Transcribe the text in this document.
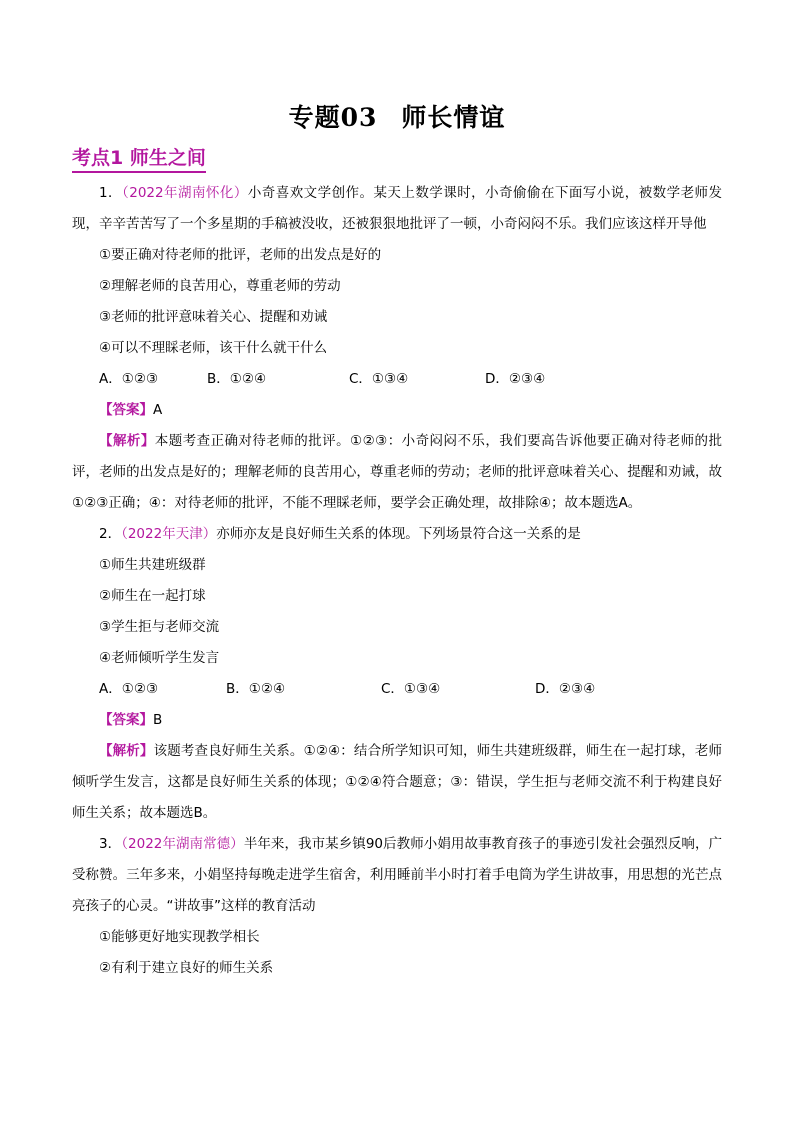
专题03 师长情谊
考点1 师生之间

1．（2022年湖南怀化）小奇喜欢文学创作。某天上数学课时，小奇偷偷在下面写小说，被数学老师发现，辛辛苦苦写了一个多星期的手稿被没收，还被狠狠地批评了一顿，小奇闷闷不乐。我们应该这样开导他

①要正确对待老师的批评，老师的出发点是好的

②理解老师的良苦用心，尊重老师的劳动

③老师的批评意味着关心、提醒和劝诫

④可以不理睬老师，该干什么就干什么

A．①②③	B．①②④	C．①③④	D．②③④

【答案】A

【解析】本题考查正确对待老师的批评。①②③：小奇闷闷不乐，我们要高告诉他要正确对待老师的批评，老师的出发点是好的；理解老师的良苦用心，尊重老师的劳动；老师的批评意味着关心、提醒和劝诫，故①②③正确；④：对待老师的批评，不能不理睬老师，要学会正确处理，故排除④；故本题选A。

2．（2022年天津）亦师亦友是良好师生关系的体现。下列场景符合这一关系的是

①师生共建班级群

②师生在一起打球

③学生拒与老师交流

④老师倾听学生发言

A．①②③	B．①②④	C．①③④	D．②③④

【答案】B

【解析】该题考查良好师生关系。①②④：结合所学知识可知，师生共建班级群，师生在一起打球，老师倾听学生发言，这都是良好师生关系的体现；①②④符合题意；③：错误，学生拒与老师交流不利于构建良好师生关系；故本题选B。

3．（2022年湖南常德）半年来，我市某乡镇90后教师小娟用故事教育孩子的事迹引发社会强烈反响，广受称赞。三年多来，小娟坚持每晚走进学生宿舍，利用睡前半小时打着手电筒为学生讲故事，用思想的光芒点亮孩子的心灵。“讲故事”这样的教育活动

①能够更好地实现教学相长

②有利于建立良好的师生关系
